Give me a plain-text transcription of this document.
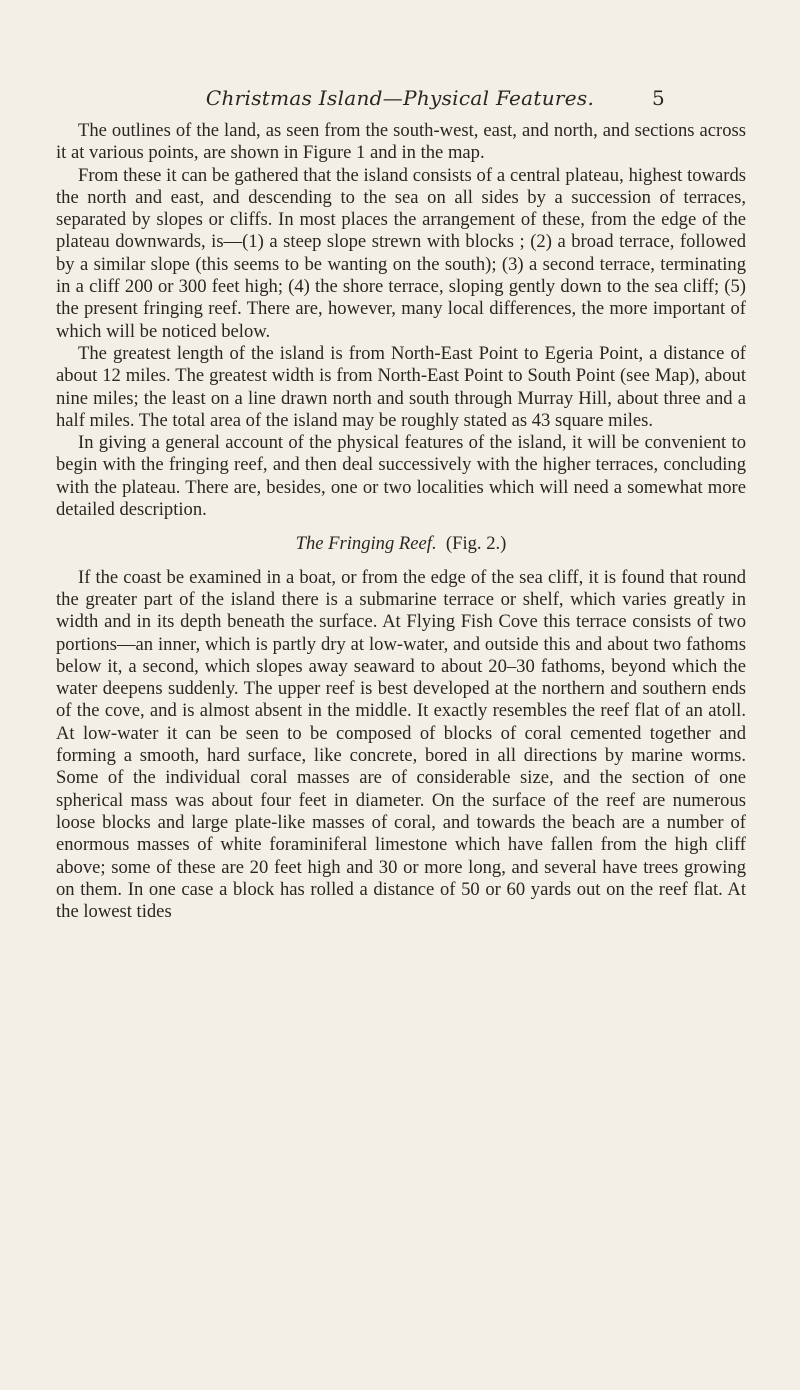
Christmas Island—Physical Features.	5

The outlines of the land, as seen from the south-west, east, and north, and sections across it at various points, are shown in Figure 1 and in the map.

From these it can be gathered that the island consists of a central plateau, highest towards the north and east, and descending to the sea on all sides by a succession of terraces, separated by slopes or cliffs. In most places the arrangement of these, from the edge of the plateau downwards, is—(1) a steep slope strewn with blocks ; (2) a broad terrace, followed by a similar slope (this seems to be wanting on the south); (3) a second terrace, terminating in a cliff 200 or 300 feet high; (4) the shore terrace, sloping gently down to the sea cliff; (5) the present fringing reef. There are, however, many local differences, the more important of which will be noticed below.

The greatest length of the island is from North-East Point to Egeria Point, a distance of about 12 miles. The greatest width is from North-East Point to South Point (see Map), about nine miles; the least on a line drawn north and south through Murray Hill, about three and a half miles. The total area of the island may be roughly stated as 43 square miles.

In giving a general account of the physical features of the island, it will be convenient to begin with the fringing reef, and then deal successively with the higher terraces, concluding with the plateau. There are, besides, one or two localities which will need a somewhat more detailed description.

The Fringing Reef. (Fig. 2.)

If the coast be examined in a boat, or from the edge of the sea cliff, it is found that round the greater part of the island there is a submarine terrace or shelf, which varies greatly in width and in its depth beneath the surface. At Flying Fish Cove this terrace consists of two portions—an inner, which is partly dry at low-water, and outside this and about two fathoms below it, a second, which slopes away seaward to about 20–30 fathoms, beyond which the water deepens suddenly. The upper reef is best developed at the northern and southern ends of the cove, and is almost absent in the middle. It exactly resembles the reef flat of an atoll. At low-water it can be seen to be composed of blocks of coral cemented together and forming a smooth, hard surface, like concrete, bored in all directions by marine worms. Some of the individual coral masses are of considerable size, and the section of one spherical mass was about four feet in diameter. On the surface of the reef are numerous loose blocks and large plate-like masses of coral, and towards the beach are a number of enormous masses of white foraminiferal limestone which have fallen from the high cliff above; some of these are 20 feet high and 30 or more long, and several have trees growing on them. In one case a block has rolled a distance of 50 or 60 yards out on the reef flat. At the lowest tides
